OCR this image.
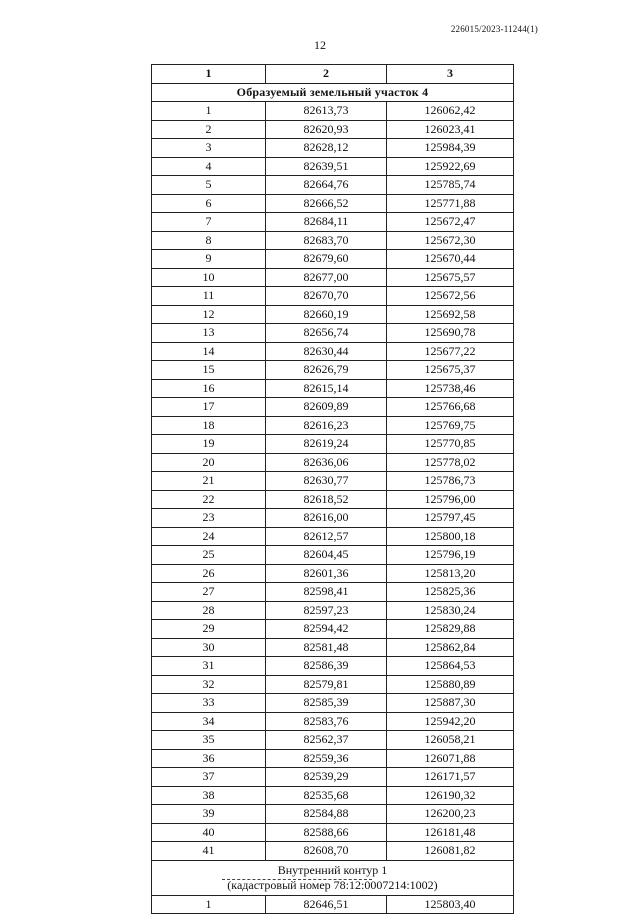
226015/2023-11244(1)
12
1	2	3
Образуемый земельный участок 4		
1	82613,73	126062,42
2	82620,93	126023,41
3	82628,12	125984,39
4	82639,51	125922,69
5	82664,76	125785,74
6	82666,52	125771,88
7	82684,11	125672,47
8	82683,70	125672,30
9	82679,60	125670,44
10	82677,00	125675,57
11	82670,70	125672,56
12	82660,19	125692,58
13	82656,74	125690,78
14	82630,44	125677,22
15	82626,79	125675,37
16	82615,14	125738,46
17	82609,89	125766,68
18	82616,23	125769,75
19	82619,24	125770,85
20	82636,06	125778,02
21	82630,77	125786,73
22	82618,52	125796,00
23	82616,00	125797,45
24	82612,57	125800,18
25	82604,45	125796,19
26	82601,36	125813,20
27	82598,41	125825,36
28	82597,23	125830,24
29	82594,42	125829,88
30	82581,48	125862,84
31	82586,39	125864,53
32	82579,81	125880,89
33	82585,39	125887,30
34	82583,76	125942,20
35	82562,37	126058,21
36	82559,36	126071,88
37	82539,29	126171,57
38	82535,68	126190,32
39	82584,88	126200,23
40	82588,66	126181,48
41	82608,70	126081,82

Внутренний контур 1
(кадастровый номер 78:12:0007214:1002)		

1	82646,51	125803,40
